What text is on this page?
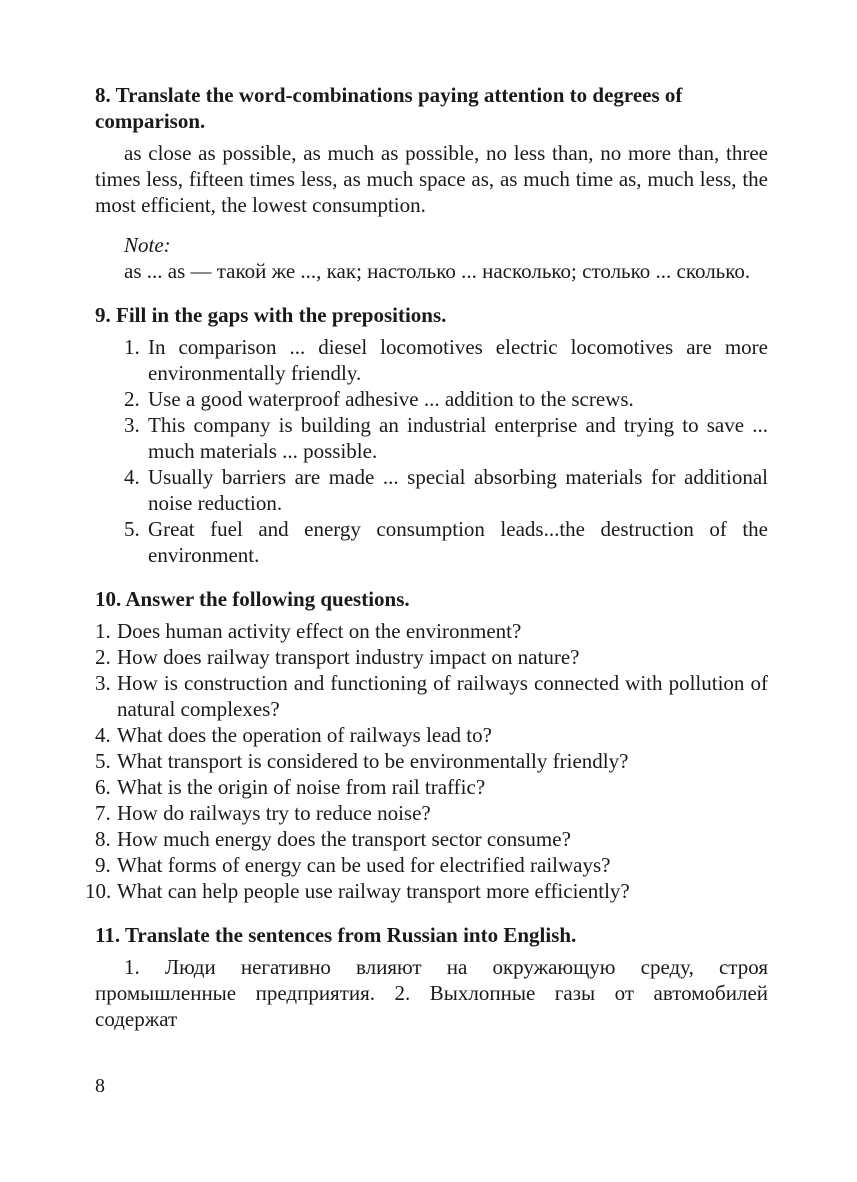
8. Translate the word-combinations paying attention to degrees of comparison.

as close as possible, as much as possible, no less than, no more than, three times less, fifteen times less, as much space as, as much time as, much less, the most efficient, the lowest consumption.

Note:

as ... as — такой же ..., как; настолько ... насколько; столько ... сколько.

9. Fill in the gaps with the prepositions.

1. In comparison ... diesel locomotives electric locomotives are more environmentally friendly.
2. Use a good waterproof adhesive ... addition to the screws.
3. This company is building an industrial enterprise and trying to save ... much materials ... possible.
4. Usually barriers are made ... special absorbing materials for additional noise reduction.
5. Great fuel and energy consumption leads...the destruction of the environment.

10. Answer the following questions.

1. Does human activity effect on the environment?
2. How does railway transport industry impact on nature?
3. How is construction and functioning of railways connected with pollution of natural complexes?
4. What does the operation of railways lead to?
5. What transport is considered to be environmentally friendly?
6. What is the origin of noise from rail traffic?
7. How do railways try to reduce noise?
8. How much energy does the transport sector consume?
9. What forms of energy can be used for electrified railways?
10. What can help people use railway transport more efficiently?

11. Translate the sentences from Russian into English.

1. Люди негативно влияют на окружающую среду, строя промышленные предприятия. 2. Выхлопные газы от автомобилей содержат

8
